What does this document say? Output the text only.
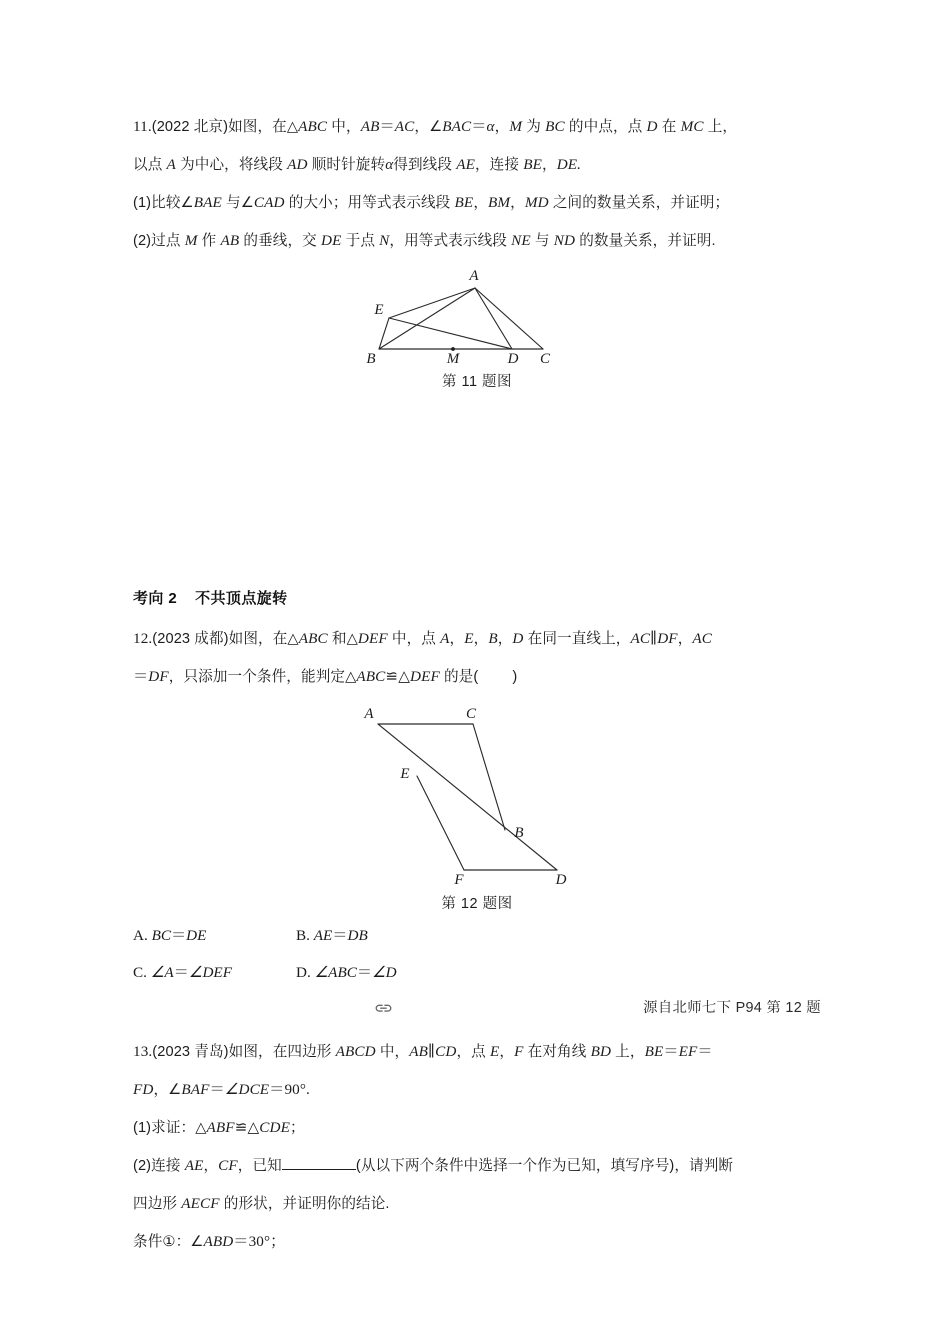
11.(2022 北京)如图，在△ABC 中，AB＝AC，∠BAC＝α，M 为 BC 的中点，点 D 在 MC 上，
以点 A 为中心，将线段 AD 顺时针旋转α得到线段 AE，连接 BE，DE.
(1)比较∠BAE 与∠CAD 的大小；用等式表示线段 BE，BM，MD 之间的数量关系，并证明；
(2)过点 M 作 AB 的垂线，交 DE 于点 N，用等式表示线段 NE 与 ND 的数量关系，并证明.
A
B	C
D
M
E
第 11 题图
考向 2 不共顶点旋转
12.(2023 成都)如图，在△ABC 和△DEF 中，点 A，E，B，D 在同一直线上，AC∥DF，AC
＝DF，只添加一个条件，能判定△ABC≌△DEF 的是( )
A	C
E
B
F	D
第 12 题图
A. BC＝DE	B. AE＝DB
C. ∠A＝∠DEF	D. ∠ABC＝∠D
源自北师七下 P94 第 12 题
13.(2023 青岛)如图，在四边形 ABCD 中，AB∥CD，点 E，F 在对角线 BD 上，BE＝EF＝
FD，∠BAF＝∠DCE＝90°.
(1)求证：△ABF≌△CDE；
(2)连接 AE，CF，已知	(从以下两个条件中选择一个作为已知，填写序号)，请判断
四边形 AECF 的形状，并证明你的结论.
条件①：∠ABD＝30°；
